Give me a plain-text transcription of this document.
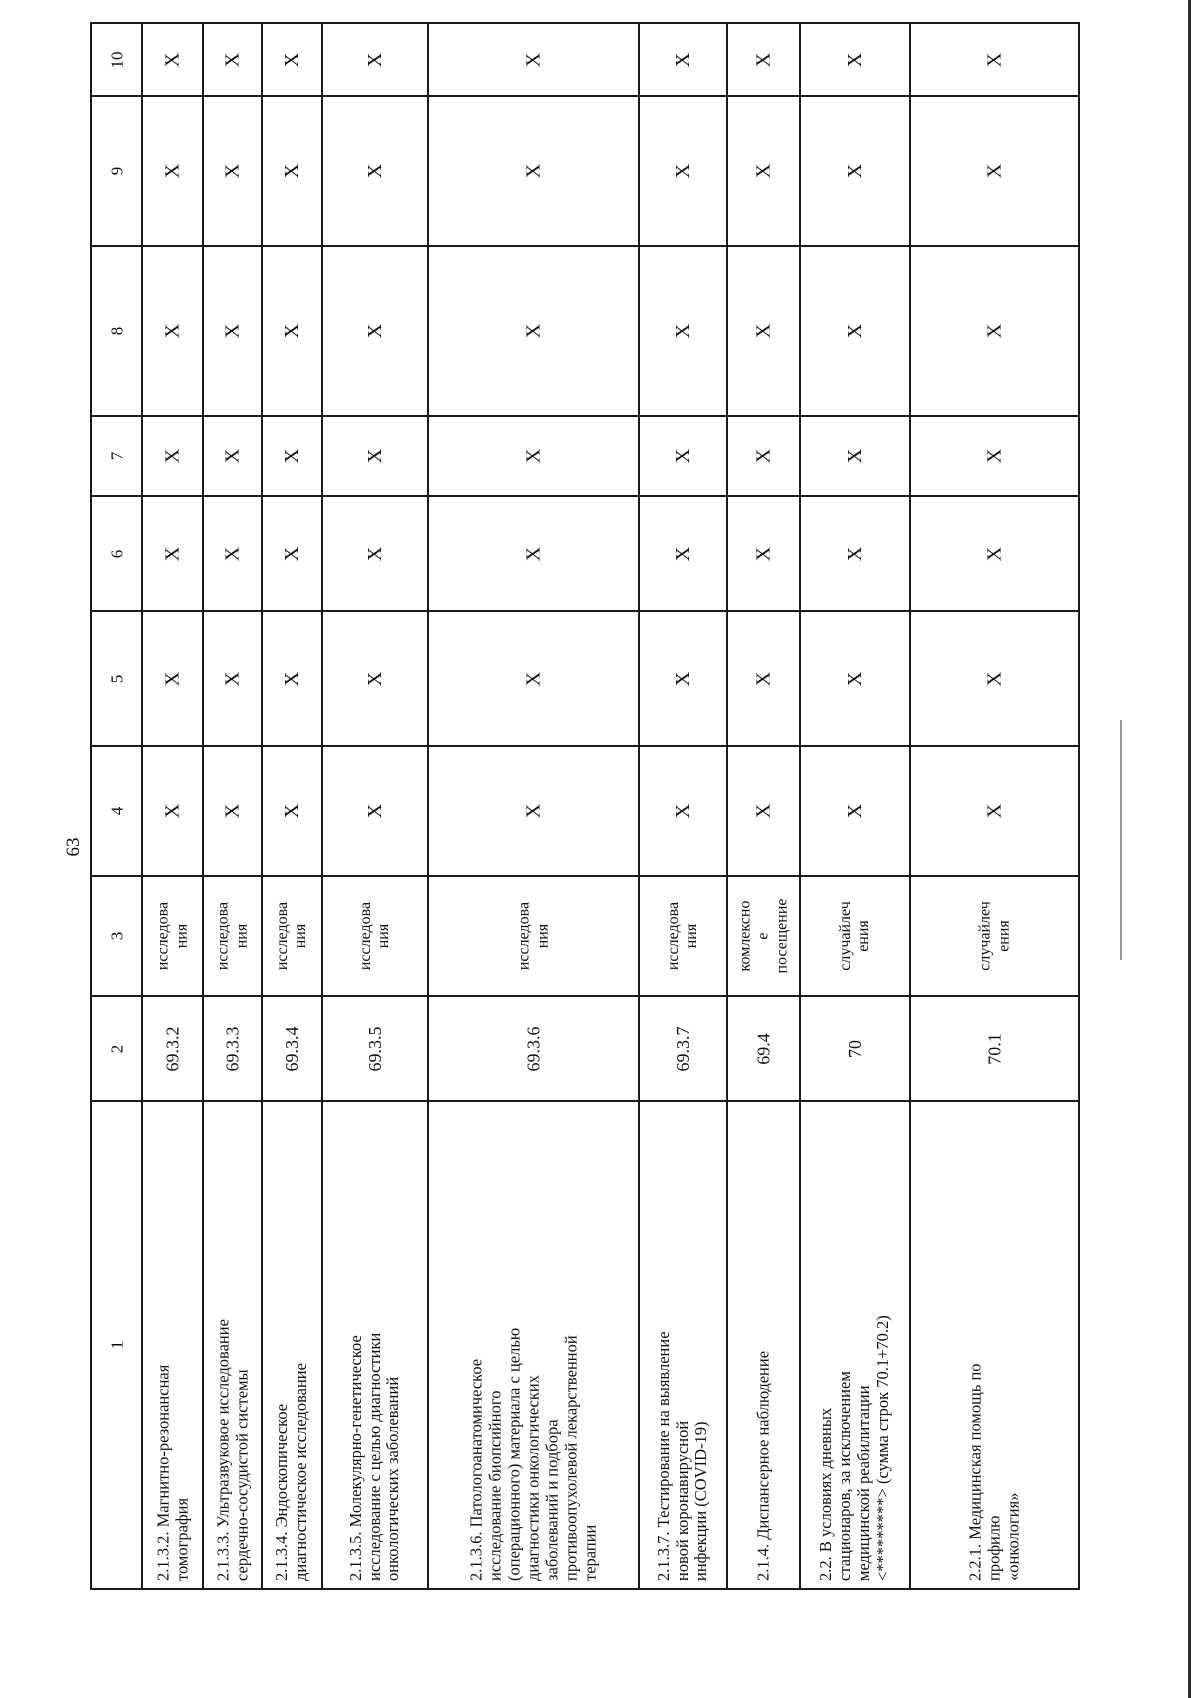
63
1
2
3
4
5
6
7
8
9
10
2.1.3.2. Магнитно-резонансная
томография
69.3.2
исследова
ния
X
X
X
X
X
X
X
2.1.3.3. Ультразвуковое исследование
сердечно-сосудистой системы
69.3.3
исследова
ния
X
X
X
X
X
X
X
2.1.3.4. Эндоскопическое
диагностическое исследование
69.3.4
исследова
ния
X
X
X
X
X
X
X
2.1.3.5. Молекулярно-генетическое
исследование с целью диагностики
онкологических заболеваний
69.3.5
исследова
ния
X
X
X
X
X
X
X
2.1.3.6. Патологоанатомическое
исследование биопсийного
(операционного) материала с целью
диагностики онкологических
заболеваний и подбора
противоопухолевой лекарственной
терапии
69.3.6
исследова
ния
X
X
X
X
X
X
X
2.1.3.7. Тестирование на выявление
новой коронавирусной
инфекции (COVID-19)
69.3.7
исследова
ния
X
X
X
X
X
X
X
2.1.4. Диспансерное наблюдение
69.4
комлексно
е
посещение
X
X
X
X
X
X
X
2.2. В условиях дневных
стационаров, за исключением
медицинской реабилитации
<*********> (сумма строк 70.1+70.2)
70
случайлеч
ения
X
X
X
X
X
X
X
2.2.1. Медицинская помощь по
профилю
«онкология»
70.1
случайлеч
ения
X
X
X
X
X
X
X
